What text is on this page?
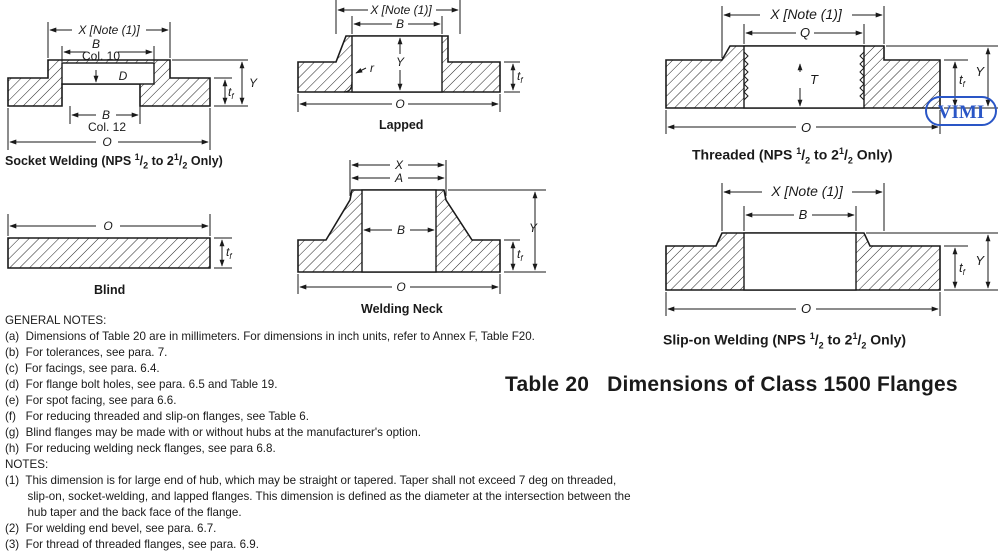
X [Note (1)]
B
Col. 10
D
B
Col. 12
O
Y
$t_f$
X [Note (1)]
B
Y
r
O
$t_f$
X [Note (1)]
Q
T
O
Y
$t_f$
O
$t_f$
X
A
B
O
Y
$t_f$
X [Note (1)]
B
O
Y
$t_f$
Socket Welding (NPS $^1/_2$ to $2^1/_2$ Only)
Lapped
Threaded (NPS $^1/_2$ to $2^1/_2$ Only)
Blind
Welding Neck
Slip-on Welding (NPS $^1/_2$ to $2^1/_2$ Only)
VIMI
Table 20 Dimensions of Class 1500 Flanges
GENERAL NOTES:
(a)  Dimensions of Table 20 are in millimeters. For dimensions in inch units, refer to Annex F, Table F20.
(b)  For tolerances, see para. 7.
(c)  For facings, see para. 6.4.
(d)  For flange bolt holes, see para. 6.5 and Table 19.
(e)  For spot facing, see para 6.6.
(f)   For reducing threaded and slip-on flanges, see Table 6.
(g)  Blind flanges may be made with or without hubs at the manufacturer's option.
(h)  For reducing welding neck flanges, see para 6.8.
NOTES:
(1)  This dimension is for large end of hub, which may be straight or tapered. Taper shall not exceed 7 deg on threaded,
slip-on, socket-welding, and lapped flanges. This dimension is defined as the diameter at the intersection between the
hub taper and the back face of the flange.
(2)  For welding end bevel, see para. 6.7.
(3)  For thread of threaded flanges, see para. 6.9.
